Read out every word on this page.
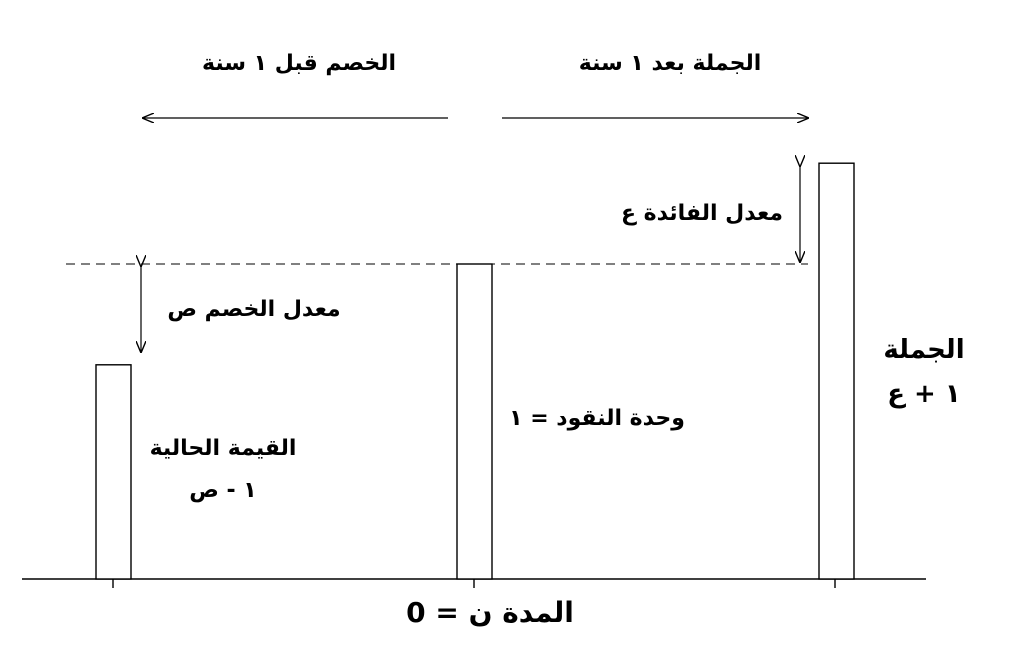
الخصم قبل ١ سنة	الجملة بعد ١ سنة
معدل الفائدة ع
معدل الخصم ص
القيمة الحالية
١ - ص
وحدة النقود = ١
الجملة
١ + ع
المدة ن = 0
